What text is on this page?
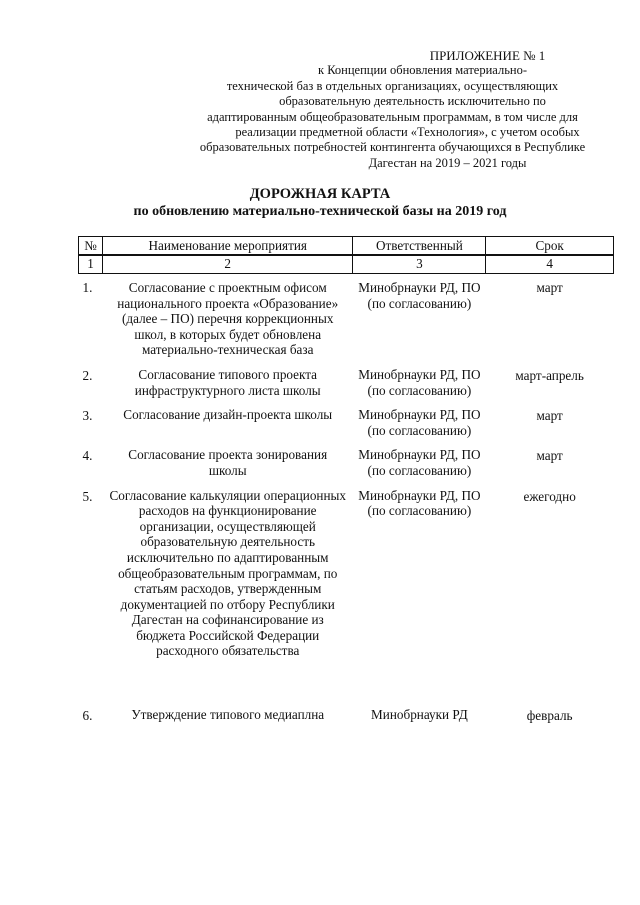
ПРИЛОЖЕНИЕ № 1
к Концепции обновления материально-
технической баз в отдельных организациях, осуществляющих
образовательную деятельность исключительно по
адаптированным общеобразовательным программам, в том числе для
реализации предметной области «Технология», с учетом особых
образовательных потребностей контингента обучающихся в Республике
Дагестан на 2019 – 2021 годы
ДОРОЖНАЯ КАРТА
по обновлению материально-технической базы на 2019 год
№	Наименование мероприятия	Ответственный	Срок
1	2	3	4
1.	Согласование с проектным офисом национального проекта «Образование» (далее – ПО) перечня коррекционных школ, в которых будет обновлена материально-техническая база	Минобрнауки РД, ПО (по согласованию)	март
2.	Согласование типового проекта инфраструктурного листа школы	Минобрнауки РД, ПО (по согласованию)	март-апрель
3.	Согласование дизайн-проекта школы	Минобрнауки РД, ПО (по согласованию)	март
4.	Согласование проекта зонирования школы	Минобрнауки РД, ПО (по согласованию)	март
5.	Согласование калькуляции операционных расходов на функционирование организации, осуществляющей образовательную деятельность исключительно по адаптированным общеобразовательным программам, по статьям расходов, утвержденным документацией по отбору Республики Дагестан на софинансирование из бюджета Российской Федерации расходного обязательства	Минобрнауки РД, ПО (по согласованию)	ежегодно
6.	Утверждение типового медиаплна	Минобрнауки РД	февраль
